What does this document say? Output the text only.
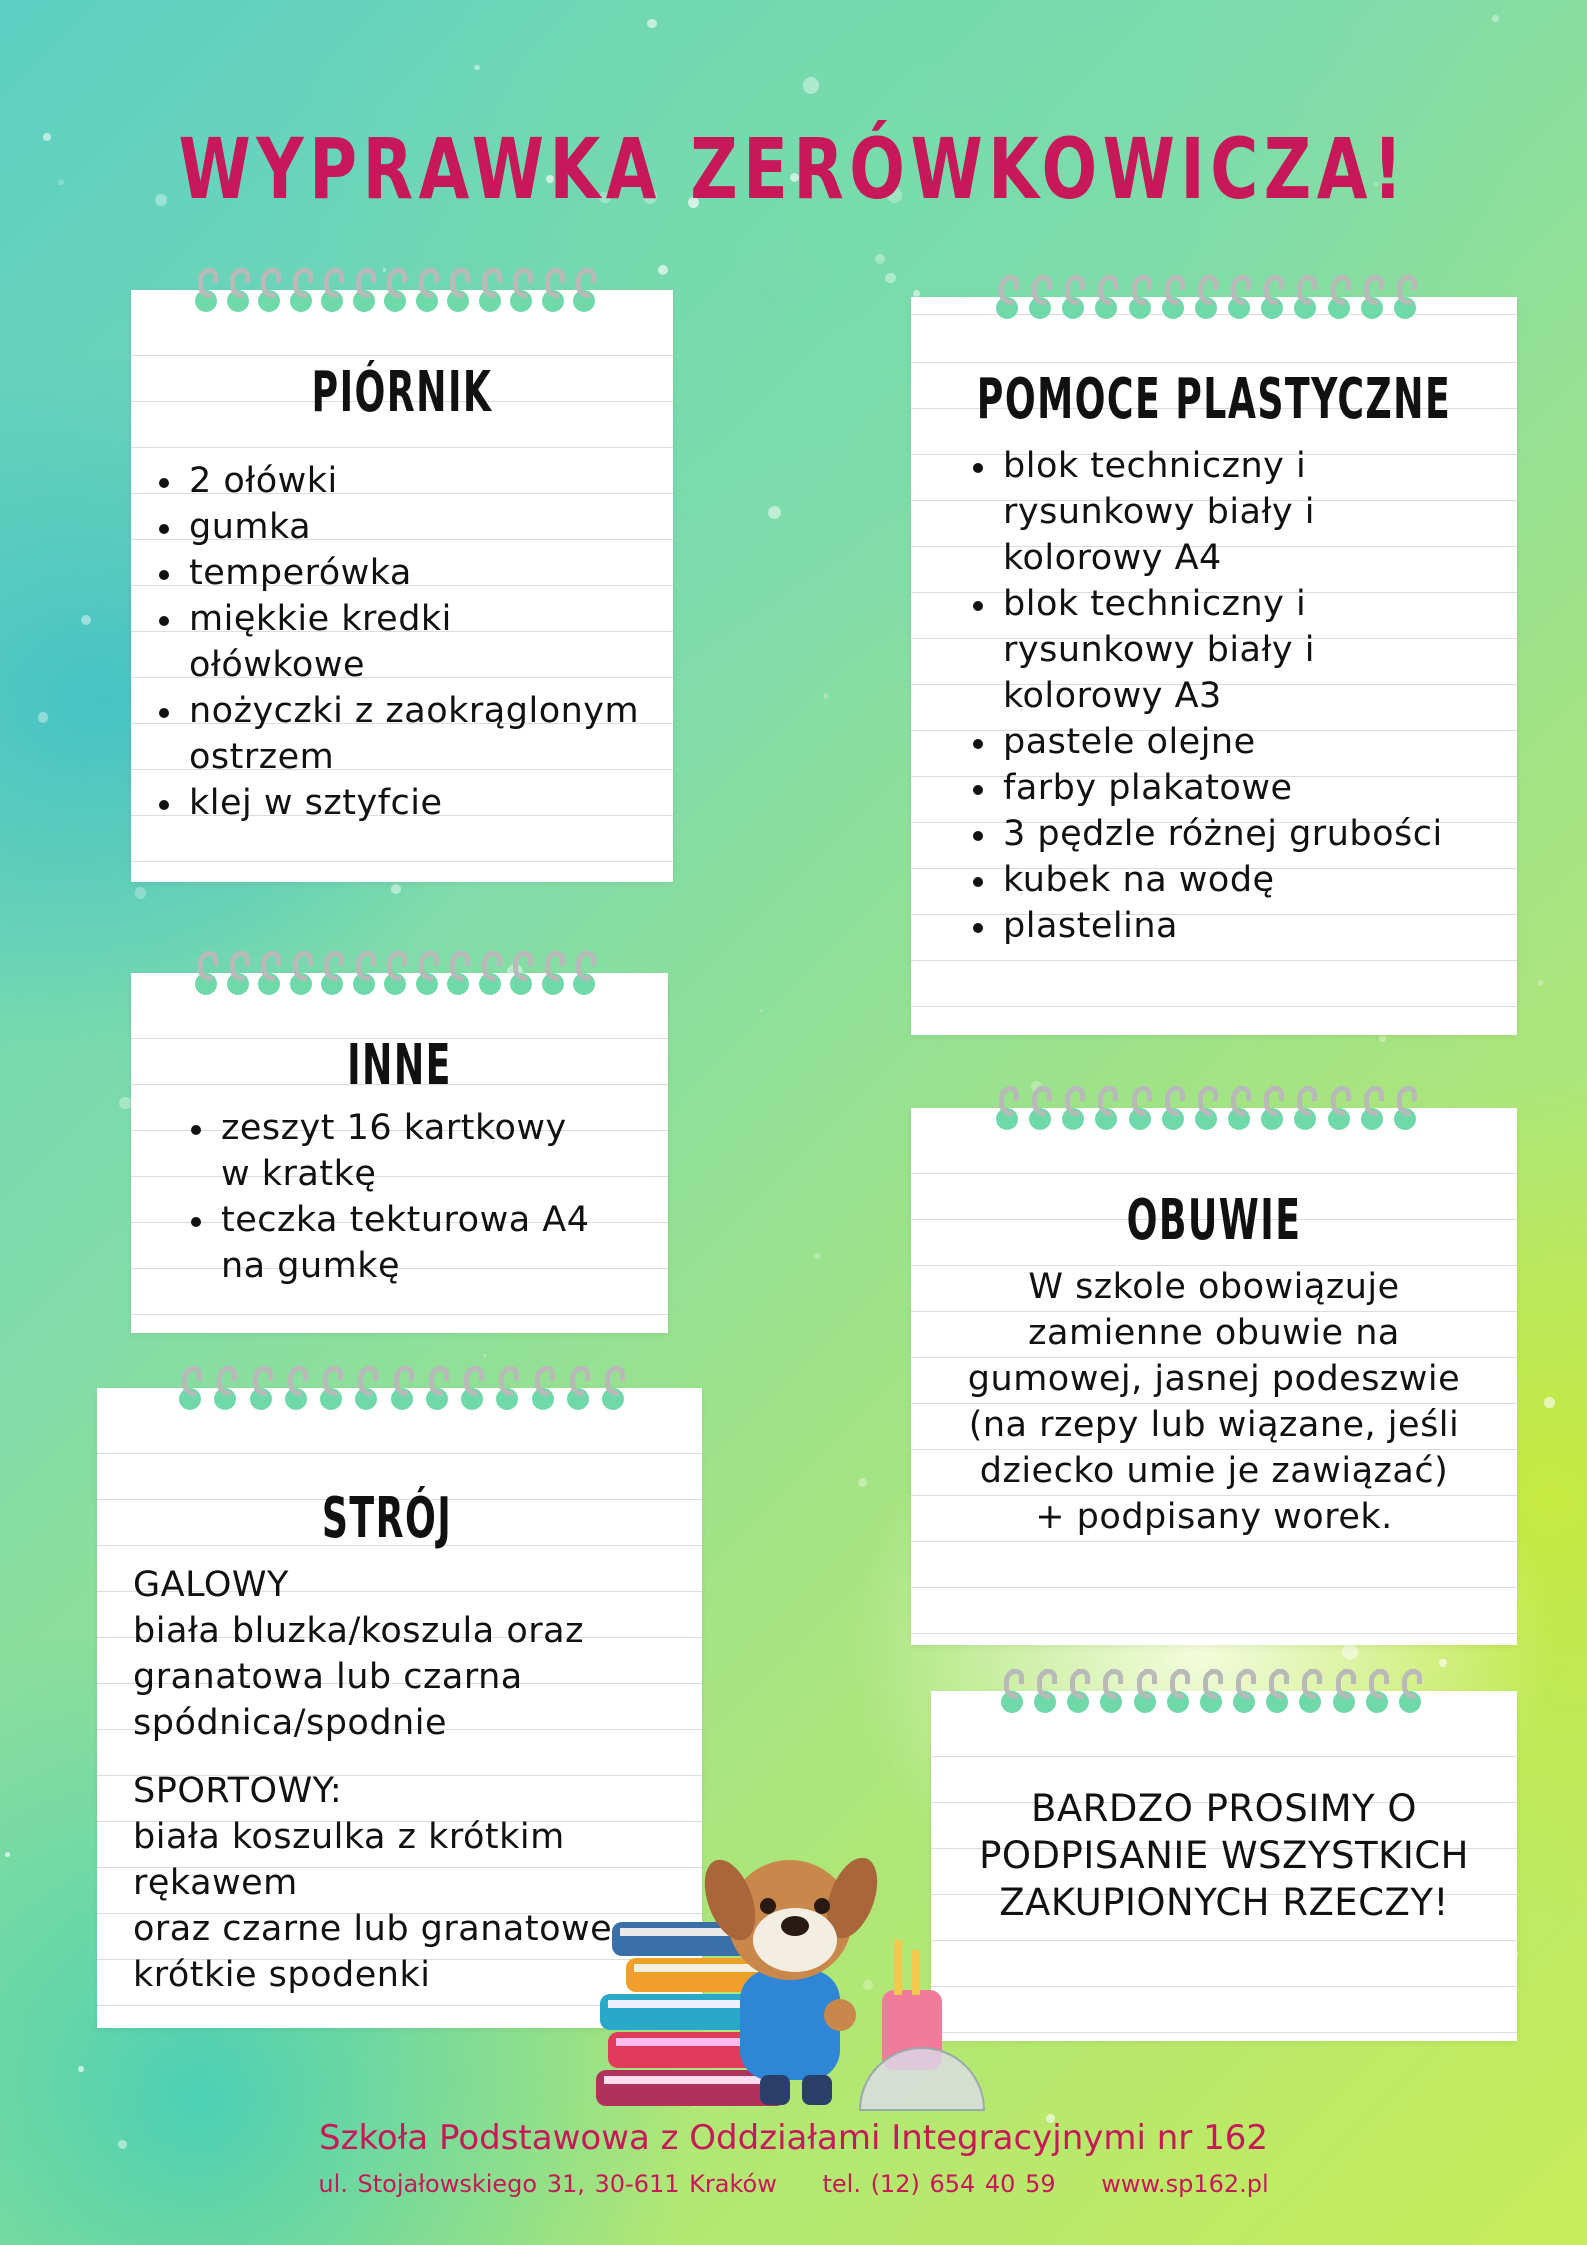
WYPRAWKA ZERÓWKOWICZA!
PIÓRNIK
2 ołówki
gumka
temperówka
miękkie kredki ołówkowe
nożyczki z zaokrąglonym ostrzem
klej w sztyfcie
POMOCE PLASTYCZNE
blok techniczny i rysunkowy biały i kolorowy A4
blok techniczny i rysunkowy biały i kolorowy A3
pastele olejne
farby plakatowe
3 pędzle różnej grubości
kubek na wodę
plastelina
INNE
zeszyt 16 kartkowy w kratkę
teczka tekturowa A4 na gumkę
OBUWIE
W szkole obowiązuje zamienne obuwie na gumowej, jasnej podeszwie (na rzepy lub wiązane, jeśli dziecko umie je zawiązać) + podpisany worek.
STRÓJ
GALOWY
biała bluzka/koszula oraz granatowa lub czarna spódnica/spodnie
SPORTOWY:
biała koszulka z krótkim rękawem
oraz czarne lub granatowe krótkie spodenki
BARDZO PROSIMY O PODPISANIE WSZYSTKICH ZAKUPIONYCH RZECZY!
Szkoła Podstawowa z Oddziałami Integracyjnymi nr 162
ul. Stojałowskiego 31, 30-611 Kraków tel. (12) 654 40 59 www.sp162.pl
